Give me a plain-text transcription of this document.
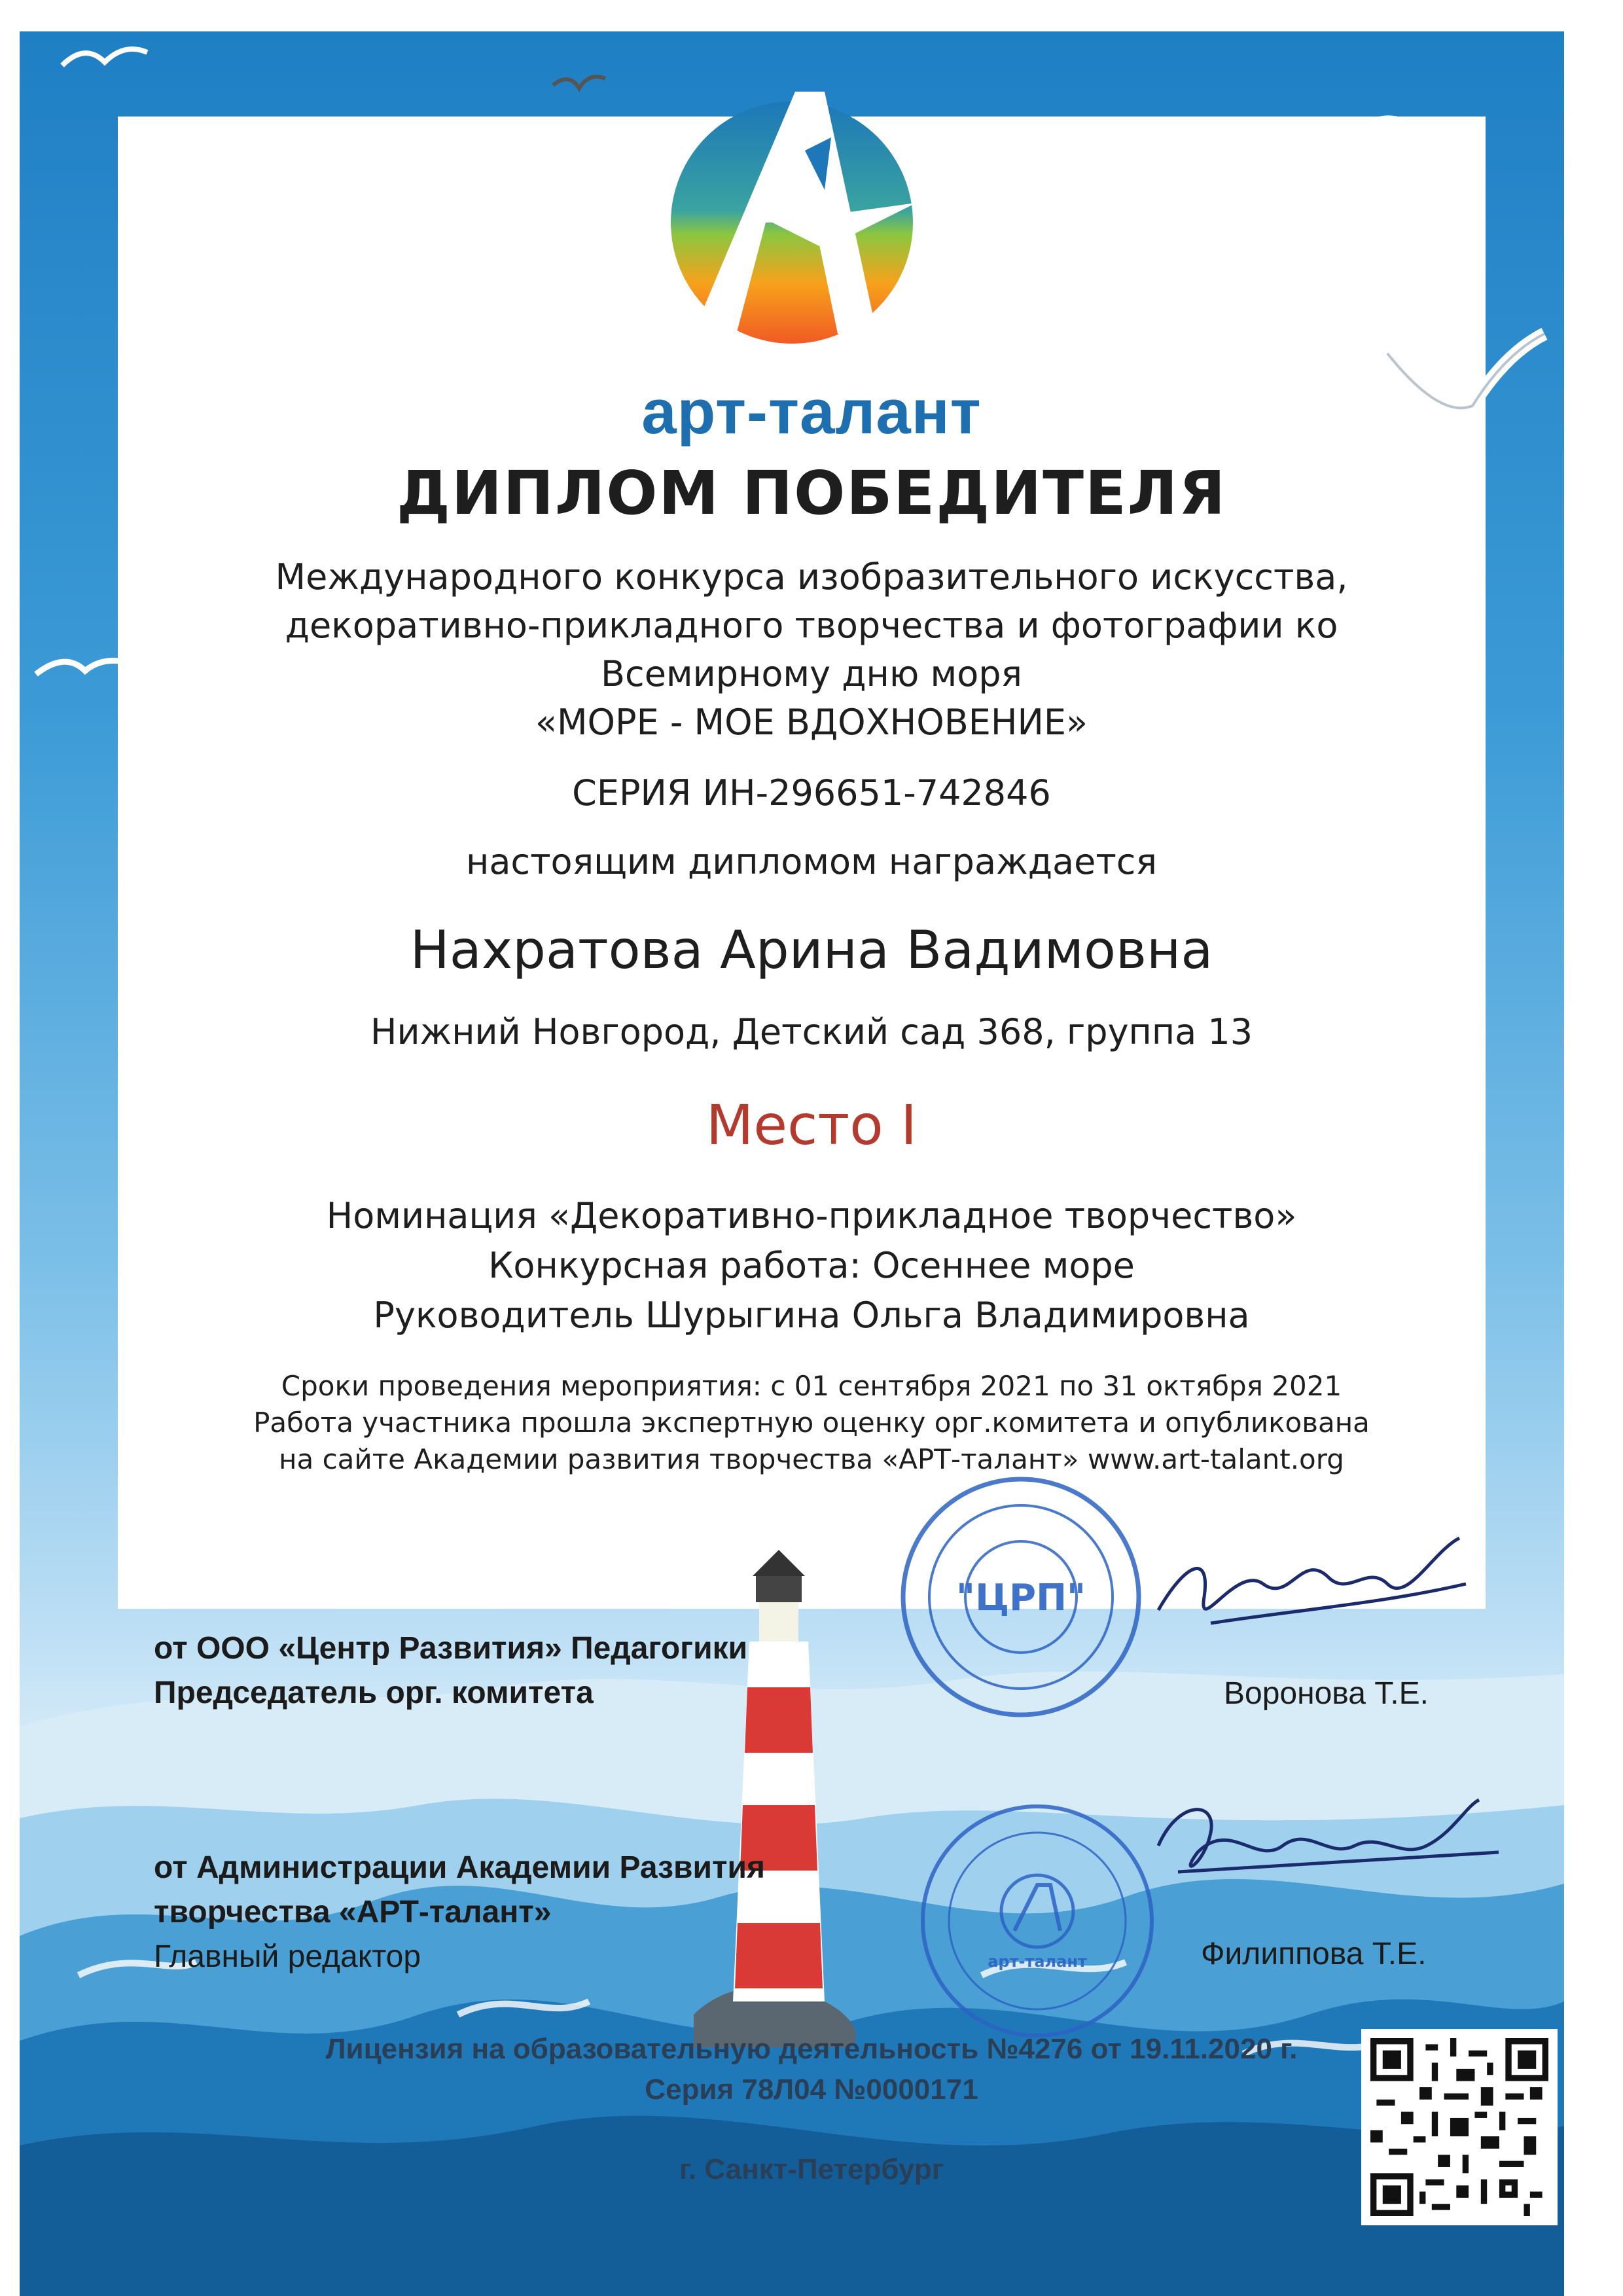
арт-талант
ДИПЛОМ ПОБЕДИТЕЛЯ
Международного конкурса изобразительного искусства,
декоративно-прикладного творчества и фотографии ко
Всемирному дню моря
«МОРЕ - МОЕ ВДОХНОВЕНИЕ»
СЕРИЯ ИН-296651-742846
настоящим дипломом награждается
Нахратова Арина Вадимовна
Нижний Новгород, Детский сад 368, группа 13
Место I
Номинация «Декоративно-прикладное творчество»
Конкурсная работа: Осеннее море
Руководитель Шурыгина Ольга Владимировна
Сроки проведения мероприятия: с 01 сентября 2021 по 31 октября 2021
Работа участника прошла экспертную оценку орг.комитета и опубликована
на сайте Академии развития творчества «АРТ-талант» www.art-talant.org
от ООО «Центр Развития» Педагогики
Председатель орг. комитета
"ЦРП"
Воронова Т.Е.
от Администрации Академии Развития
творчества «АРТ-талант»
Главный редактор	арт-талант	Филиппова Т.Е.
Лицензия на образовательную деятельность №4276 от 19.11.2020 г.
Серия 78Л04 №0000171
г. Санкт-Петербург
